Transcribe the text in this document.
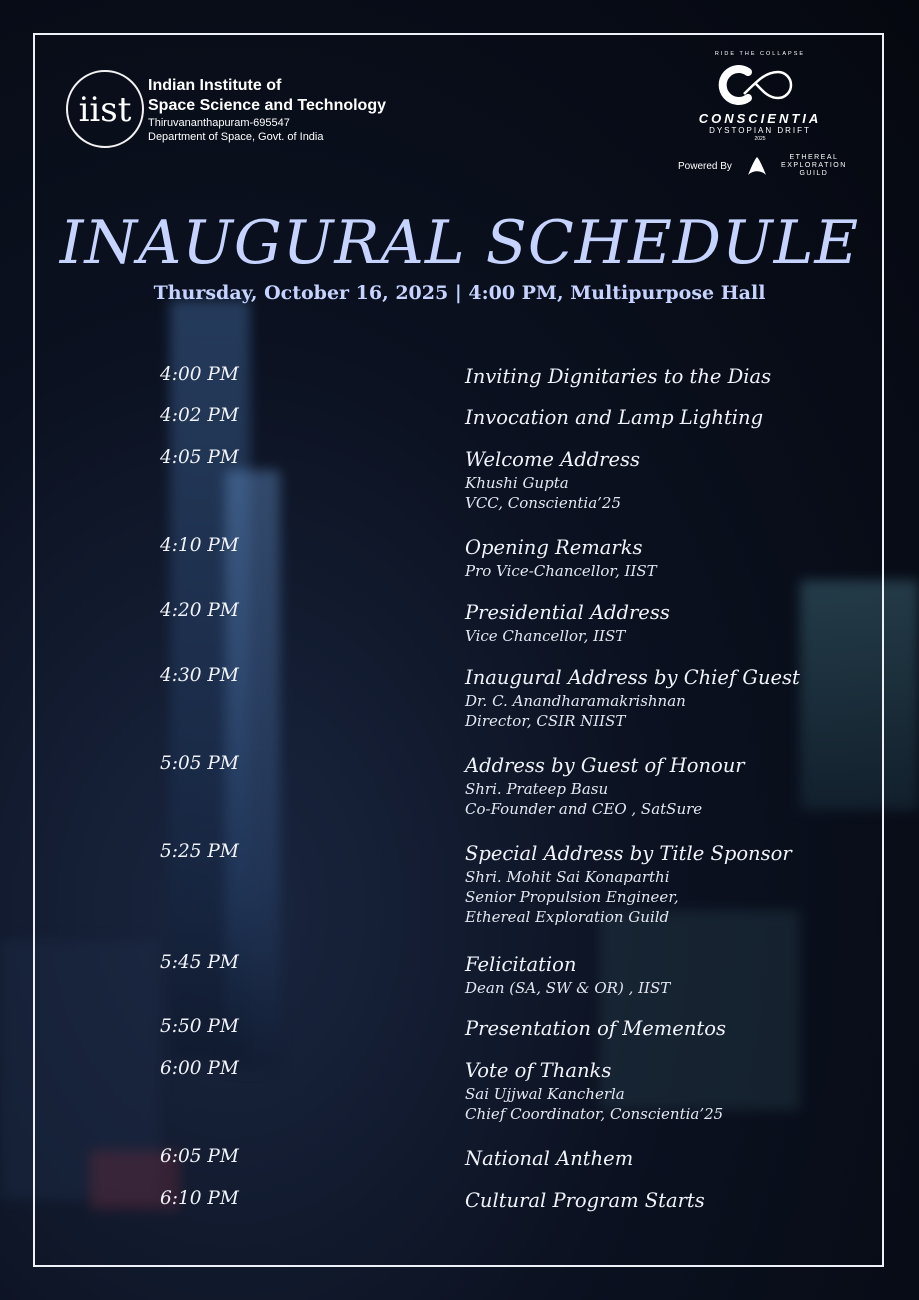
iist
Indian Institute of
Space Science and Technology
Thiruvananthapuram-695547
Department of Space, Govt. of India
RIDE THE COLLAPSE
CONSCIENTIA
DYSTOPIAN DRIFT
2025
Powered By
ETHEREAL
EXPLORATION
GUILD
INAUGURAL SCHEDULE
Thursday, October 16, 2025 | 4:00 PM, Multipurpose Hall
4:00 PM	Inviting Dignitaries to the Dias
4:02 PM	Invocation and Lamp Lighting
4:05 PM	Welcome Address
Khushi Gupta
VCC, Conscientia’25
4:10 PM	Opening Remarks
Pro Vice-Chancellor, IIST
4:20 PM	Presidential Address
Vice Chancellor, IIST
4:30 PM	Inaugural Address by Chief Guest
Dr. C. Anandharamakrishnan
Director, CSIR NIIST
5:05 PM	Address by Guest of Honour
Shri. Prateep Basu
Co-Founder and CEO , SatSure
5:25 PM	Special Address by Title Sponsor
Shri. Mohit Sai Konaparthi
Senior Propulsion Engineer,
Ethereal Exploration Guild
5:45 PM	Felicitation
Dean (SA, SW & OR) , IIST
5:50 PM	Presentation of Mementos
6:00 PM	Vote of Thanks
Sai Ujjwal Kancherla
Chief Coordinator, Conscientia’25
6:05 PM	National Anthem
6:10 PM	Cultural Program Starts
